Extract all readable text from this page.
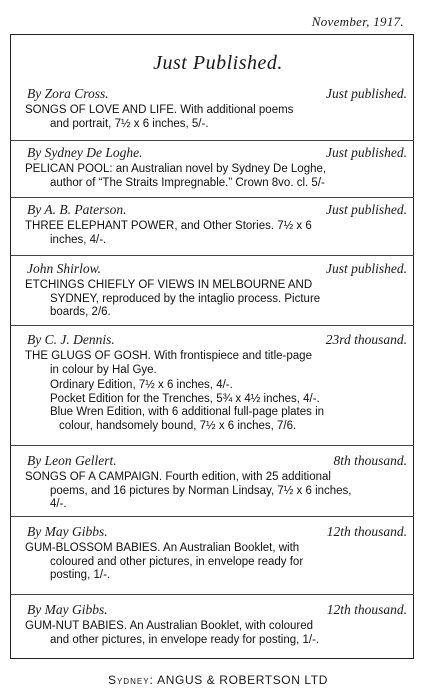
November, 1917.
Just Published.
By Zora Cross.	Just published.
SONGS OF LOVE AND LIFE. With additional poems
and portrait, 7½ x 6 inches, 5/-.
By Sydney De Loghe.	Just published.
PELICAN POOL: an Australian novel by Sydney De Loghe,
author of “The Straits Impregnable.” Crown 8vo. cl. 5/-
By A. B. Paterson.	Just published.
THREE ELEPHANT POWER, and Other Stories. 7½ x 6
inches, 4/-.
John Shirlow.	Just published.
ETCHINGS CHIEFLY OF VIEWS IN MELBOURNE AND
SYDNEY, reproduced by the intaglio process. Picture
boards, 2/6.
By C. J. Dennis.	23rd thousand.
THE GLUGS OF GOSH. With frontispiece and title-page
in colour by Hal Gye.
Ordinary Edition, 7½ x 6 inches, 4/-.
Pocket Edition for the Trenches, 5¾ x 4½ inches, 4/-.
Blue Wren Edition, with 6 additional full-page plates in
colour, handsomely bound, 7½ x 6 inches, 7/6.
By Leon Gellert.	8th thousand.
SONGS OF A CAMPAIGN. Fourth edition, with 25 additional
poems, and 16 pictures by Norman Lindsay, 7½ x 6 inches,
4/-.
By May Gibbs.	12th thousand.
GUM-BLOSSOM BABIES. An Australian Booklet, with
coloured and other pictures, in envelope ready for
posting, 1/-.
By May Gibbs.	12th thousand.
GUM-NUT BABIES. An Australian Booklet, with coloured
and other pictures, in envelope ready for posting, 1/-.
Sydney: ANGUS & ROBERTSON LTD
